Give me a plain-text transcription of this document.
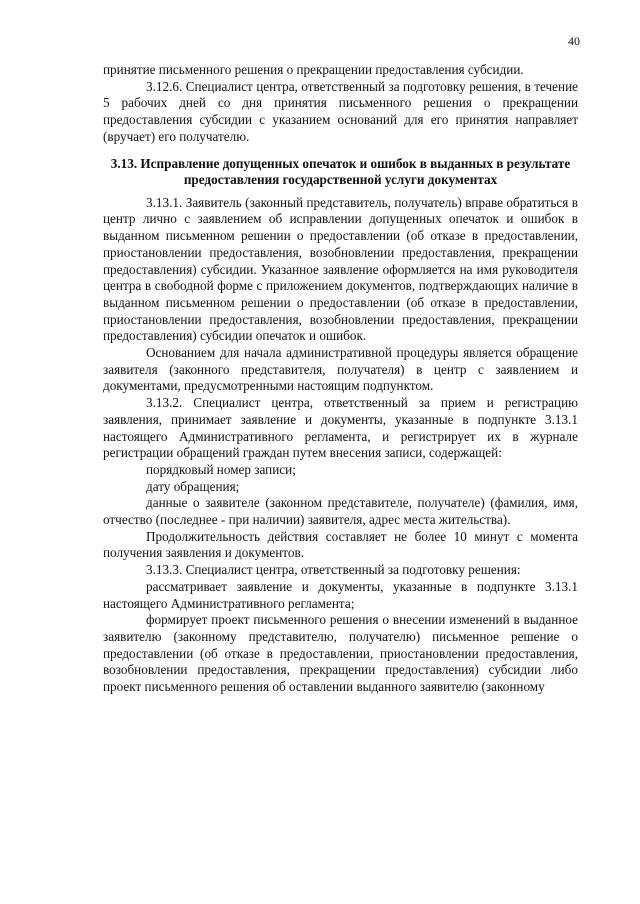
40

принятие письменного решения о прекращении предоставления субсидии.

3.12.6. Специалист центра, ответственный за подготовку решения, в течение 5 рабочих дней со дня принятия письменного решения о прекращении предоставления субсидии с указанием оснований для его принятия направляет (вручает) его получателю.

3.13. Исправление допущенных опечаток и ошибок в выданных в результате предоставления государственной услуги документах

3.13.1. Заявитель (законный представитель, получатель) вправе обратиться в центр лично с заявлением об исправлении допущенных опечаток и ошибок в выданном письменном решении о предоставлении (об отказе в предоставлении, приостановлении предоставления, возобновлении предоставления, прекращении предоставления) субсидии. Указанное заявление оформляется на имя руководителя центра в свободной форме с приложением документов, подтверждающих наличие в выданном письменном решении о предоставлении (об отказе в предоставлении, приостановлении предоставления, возобновлении предоставления, прекращении предоставления) субсидии опечаток и ошибок.

Основанием для начала административной процедуры является обращение заявителя (законного представителя, получателя) в центр с заявлением и документами, предусмотренными настоящим подпунктом.

3.13.2. Специалист центра, ответственный за прием и регистрацию заявления, принимает заявление и документы, указанные в подпункте 3.13.1 настоящего Административного регламента, и регистрирует их в журнале регистрации обращений граждан путем внесения записи, содержащей:

порядковый номер записи;

дату обращения;

данные о заявителе (законном представителе, получателе) (фамилия, имя, отчество (последнее - при наличии) заявителя, адрес места жительства).

Продолжительность действия составляет не более 10 минут с момента получения заявления и документов.

3.13.3. Специалист центра, ответственный за подготовку решения:

рассматривает заявление и документы, указанные в подпункте 3.13.1 настоящего Административного регламента;

формирует проект письменного решения о внесении изменений в выданное заявителю (законному представителю, получателю) письменное решение о предоставлении (об отказе в предоставлении, приостановлении предоставления, возобновлении предоставления, прекращении предоставления) субсидии либо проект письменного решения об оставлении выданного заявителю (законному
